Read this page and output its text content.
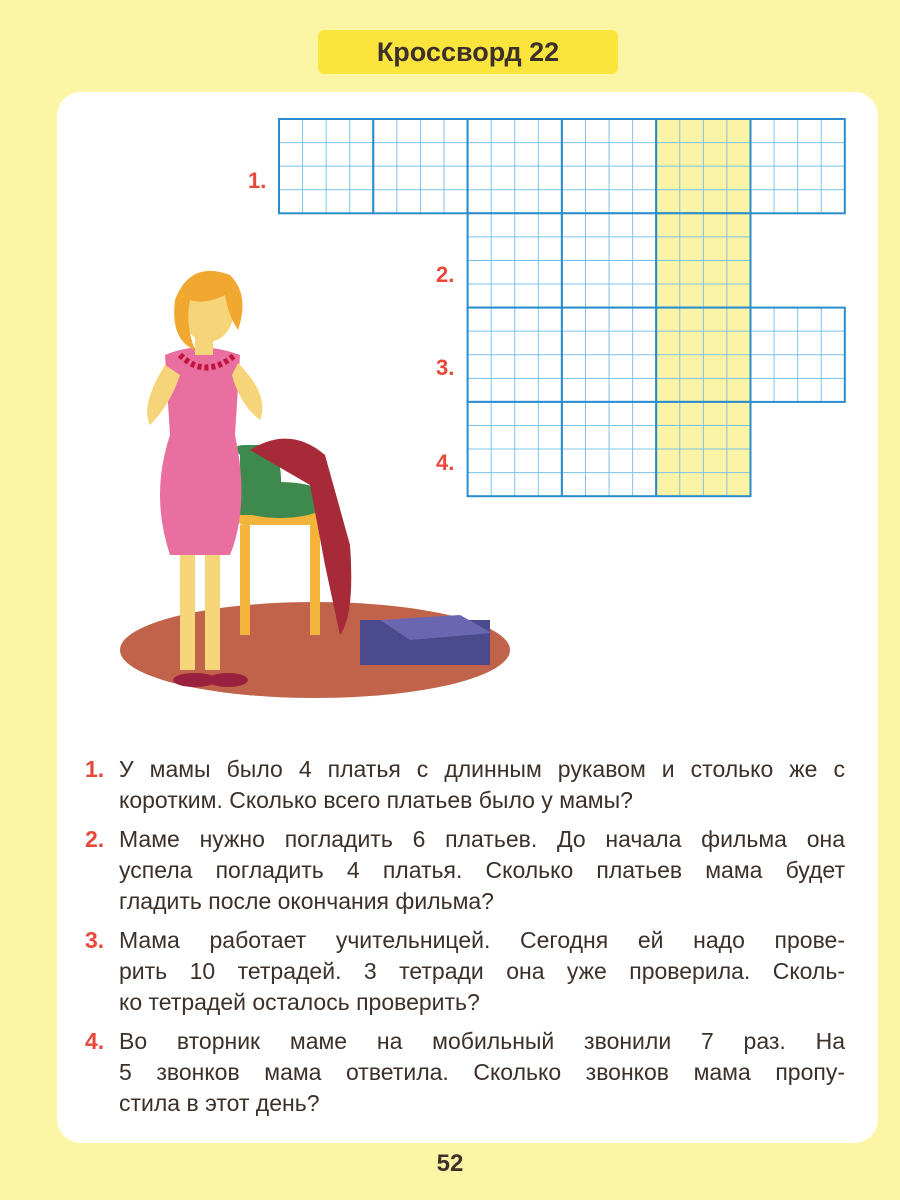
Кроссворд 22
1.
2.
3.
4.
1. У мамы было 4 платья с длинным рукавом и столько же с
коротким. Сколько всего платьев было у мамы?
2. Маме нужно погладить 6 платьев. До начала фильма она
успела погладить 4 платья. Сколько платьев мама будет
гладить после окончания фильма?
3. Мама работает учительницей. Сегодня ей надо прове-
рить 10 тетрадей. 3 тетради она уже проверила. Сколь-
ко тетрадей осталось проверить?
4. Во вторник маме на мобильный звонили 7 раз. На
5 звонков мама ответила. Сколько звонков мама пропу-
стила в этот день?
52
